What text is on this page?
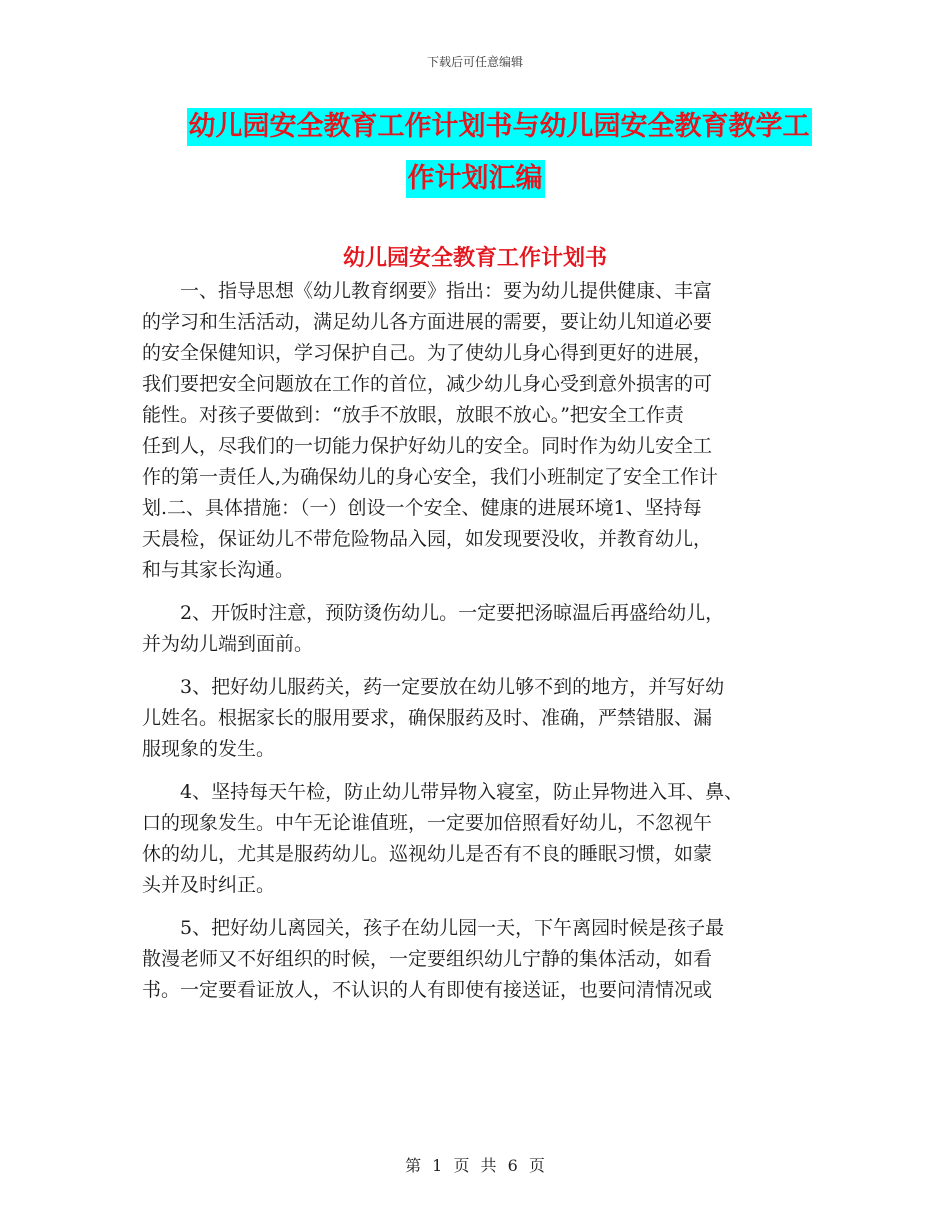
下载后可任意编辑
幼儿园安全教育工作计划书与幼儿园安全教育教学工
作计划汇编
幼儿园安全教育工作计划书
一、指导思想《幼儿教育纲要》指出：要为幼儿提供健康、丰富
的学习和生活活动，满足幼儿各方面进展的需要，要让幼儿知道必要
的安全保健知识，学习保护自己。为了使幼儿身心得到更好的进展，
我们要把安全问题放在工作的首位，减少幼儿身心受到意外损害的可
能性。对孩子要做到：“放手不放眼，放眼不放心。”把安全工作责
任到人，尽我们的一切能力保护好幼儿的安全。同时作为幼儿安全工
作的第一责任人,为确保幼儿的身心安全，我们小班制定了安全工作计
划.二、具体措施：（一）创设一个安全、健康的进展环境1、坚持每
天晨检，保证幼儿不带危险物品入园，如发现要没收，并教育幼儿，
和与其家长沟通。
2、开饭时注意，预防烫伤幼儿。一定要把汤晾温后再盛给幼儿，
并为幼儿端到面前。
3、把好幼儿服药关，药一定要放在幼儿够不到的地方，并写好幼
儿姓名。根据家长的服用要求，确保服药及时、准确，严禁错服、漏
服现象的发生。
4、坚持每天午检，防止幼儿带异物入寝室，防止异物进入耳、鼻、
口的现象发生。中午无论谁值班，一定要加倍照看好幼儿，不忽视午
休的幼儿，尤其是服药幼儿。巡视幼儿是否有不良的睡眠习惯，如蒙
头并及时纠正。
5、把好幼儿离园关，孩子在幼儿园一天，下午离园时候是孩子最
散漫老师又不好组织的时候，一定要组织幼儿宁静的集体活动，如看
书。一定要看证放人，不认识的人有即使有接送证，也要问清情况或
第 1 页 共 6 页
